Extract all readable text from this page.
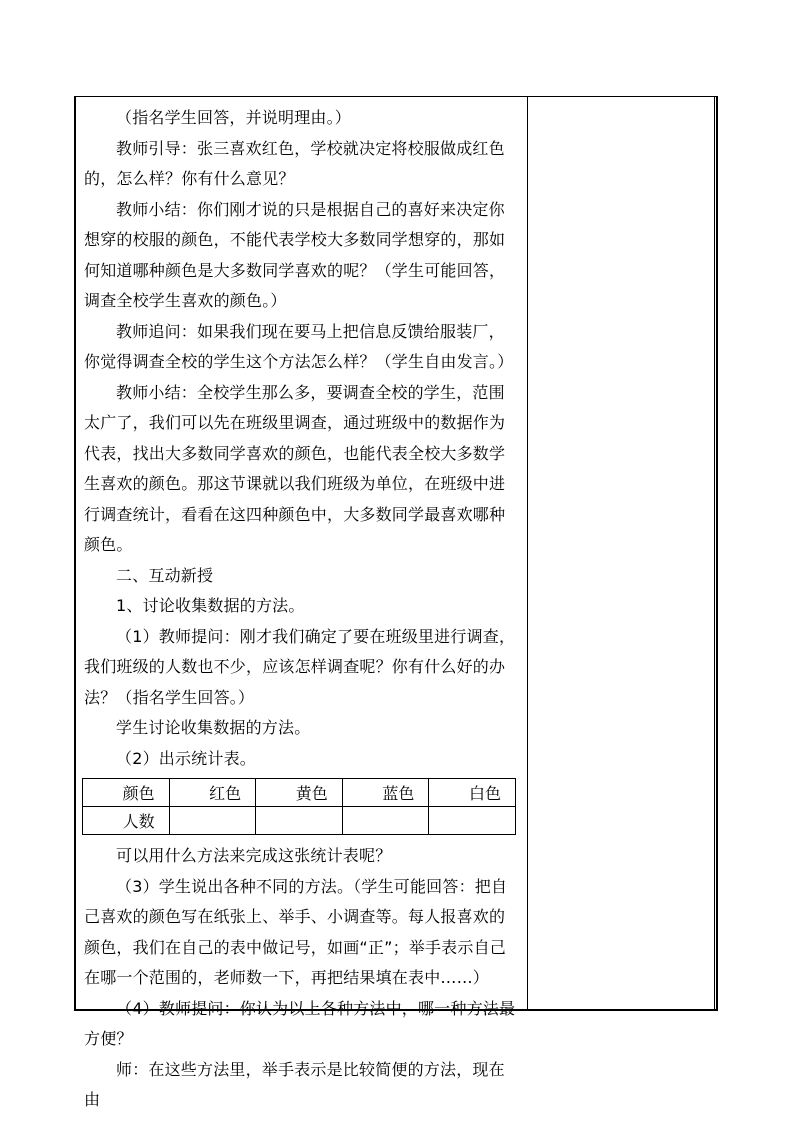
（指名学生回答，并说明理由。）

教师引导：张三喜欢红色，学校就决定将校服做成红色的，怎么样？你有什么意见？

教师小结：你们刚才说的只是根据自己的喜好来决定你想穿的校服的颜色，不能代表学校大多数同学想穿的，那如何知道哪种颜色是大多数同学喜欢的呢？（学生可能回答，调查全校学生喜欢的颜色。）

教师追问：如果我们现在要马上把信息反馈给服装厂，你觉得调查全校的学生这个方法怎么样？（学生自由发言。）

教师小结：全校学生那么多，要调查全校的学生，范围太广了，我们可以先在班级里调查，通过班级中的数据作为代表，找出大多数同学喜欢的颜色，也能代表全校大多数学生喜欢的颜色。那这节课就以我们班级为单位，在班级中进行调查统计，看看在这四种颜色中，大多数同学最喜欢哪种颜色。

二、互动新授

1、讨论收集数据的方法。

（1）教师提问：刚才我们确定了要在班级里进行调查，我们班级的人数也不少，应该怎样调查呢？你有什么好的办法？（指名学生回答。）

学生讨论收集数据的方法。

（2）出示统计表。

颜色	红色	黄色	蓝色	白色
人数				

可以用什么方法来完成这张统计表呢？

（3）学生说出各种不同的方法。（学生可能回答：把自己喜欢的颜色写在纸张上、举手、小调查等。每人报喜欢的颜色，我们在自己的表中做记号，如画“正”；举手表示自己在哪一个范围的，老师数一下，再把结果填在表中……）

（4）教师提问：你认为以上各种方法中，哪一种方法最方便？

师：在这些方法里，举手表示是比较简便的方法，现在由
